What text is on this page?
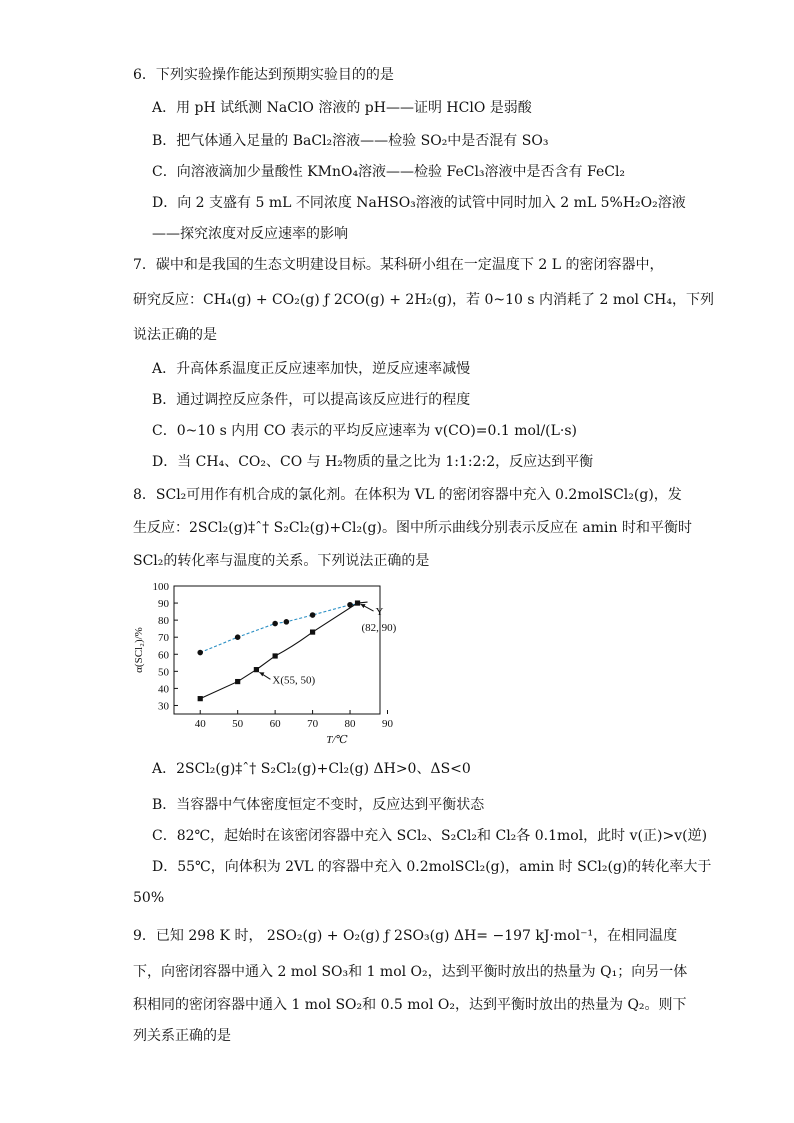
6．下列实验操作能达到预期实验目的的是
A．用 pH 试纸测 NaClO 溶液的 pH——证明 HClO 是弱酸
B．把气体通入足量的 BaCl₂溶液——检验 SO₂中是否混有 SO₃
C．向溶液滴加少量酸性 KMnO₄溶液——检验 FeCl₃溶液中是否含有 FeCl₂
D．向 2 支盛有 5 mL 不同浓度 NaHSO₃溶液的试管中同时加入 2 mL 5%H₂O₂溶液
——探究浓度对反应速率的影响
7．碳中和是我国的生态文明建设目标。某科研小组在一定温度下 2 L 的密闭容器中，
研究反应：CH₄(g) + CO₂(g) ƒ 2CO(g) + 2H₂(g)，若 0~10 s 内消耗了 2 mol CH₄，下列
说法正确的是
A．升高体系温度正反应速率加快，逆反应速率减慢
B．通过调控反应条件，可以提高该反应进行的程度
C．0~10 s 内用 CO 表示的平均反应速率为 v(CO)=0.1 mol/(L·s)
D．当 CH₄、CO₂、CO 与 H₂物质的量之比为 1:1:2:2，反应达到平衡
8．SCl₂可用作有机合成的氯化剂。在体积为 VL 的密闭容器中充入 0.2molSCl₂(g)，发
生反应：2SCl₂(g)‡ˆ† S₂Cl₂(g)+Cl₂(g)。图中所示曲线分别表示反应在 amin 时和平衡时
SCl₂的转化率与温度的关系。下列说法正确的是
40 50 60 70 80 90
30
40
50
60
70
80
90
100
T/℃
α(SCl₂)/%
Y
(82, 90)
X(55, 50)
A．2SCl₂(g)‡ˆ† S₂Cl₂(g)+Cl₂(g) ΔH>0、ΔS<0
B．当容器中气体密度恒定不变时，反应达到平衡状态
C．82℃，起始时在该密闭容器中充入 SCl₂、S₂Cl₂和 Cl₂各 0.1mol，此时 v(正)>v(逆)
D．55℃，向体积为 2VL 的容器中充入 0.2molSCl₂(g)，amin 时 SCl₂(g)的转化率大于
50%
9．已知 298 K 时， 2SO₂(g) + O₂(g) ƒ 2SO₃(g) ΔH= −197 kJ·mol⁻¹，在相同温度
下，向密闭容器中通入 2 mol SO₃和 1 mol O₂，达到平衡时放出的热量为 Q₁；向另一体
积相同的密闭容器中通入 1 mol SO₂和 0.5 mol O₂，达到平衡时放出的热量为 Q₂。则下
列关系正确的是
